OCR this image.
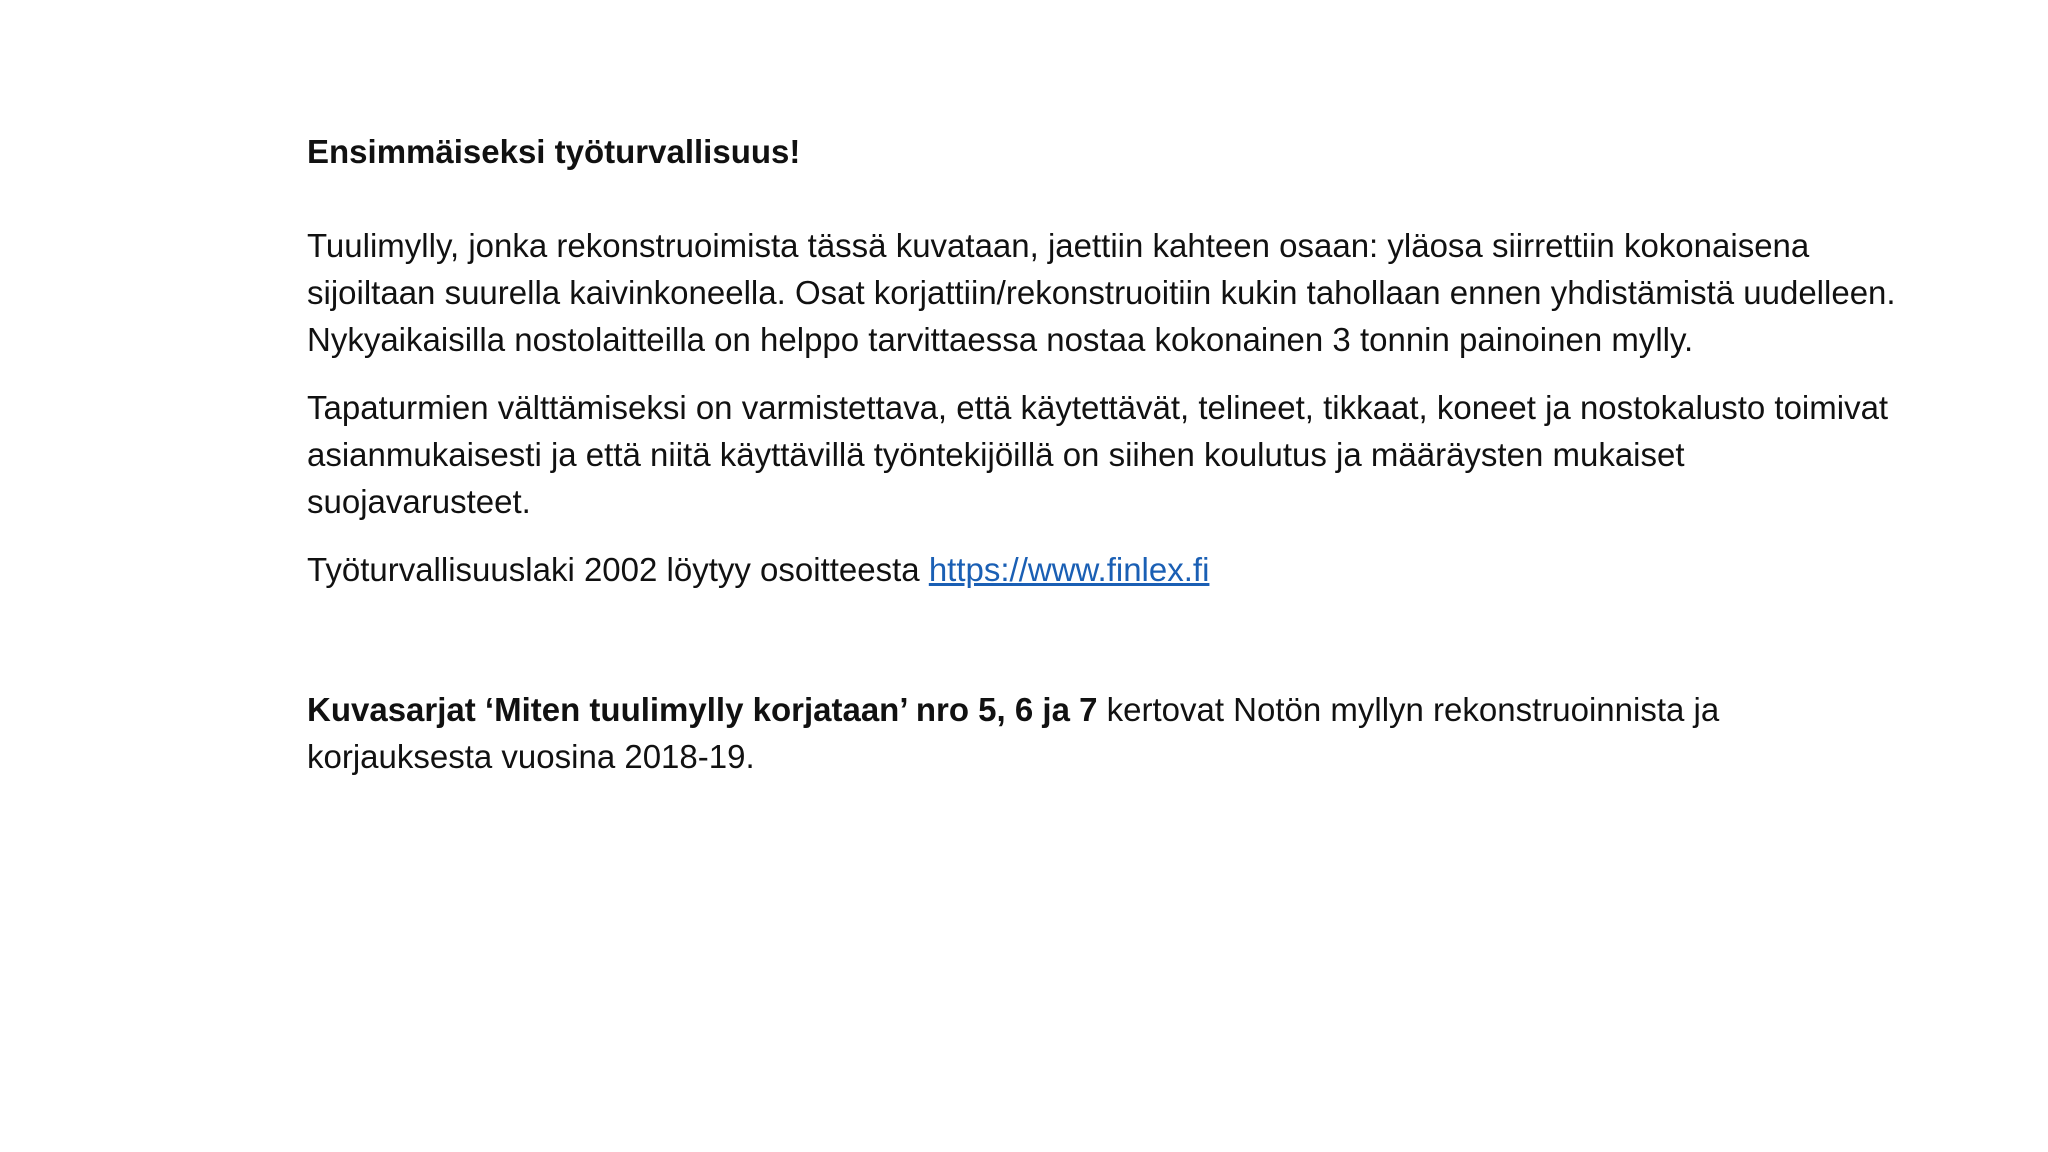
Ensimmäiseksi työturvallisuus!

Tuulimylly, jonka rekonstruoimista tässä kuvataan, jaettiin kahteen osaan: yläosa siirrettiin kokonaisena sijoiltaan suurella kaivinkoneella. Osat korjattiin/rekonstruoitiin kukin tahollaan ennen yhdistämistä uudelleen. Nykyaikaisilla nostolaitteilla on helppo tarvittaessa nostaa kokonainen 3 tonnin painoinen mylly.

Tapaturmien välttämiseksi on varmistettava, että käytettävät, telineet, tikkaat, koneet ja nostokalusto toimivat asianmukaisesti ja että niitä käyttävillä työntekijöillä on siihen koulutus ja määräysten mukaiset suojavarusteet.

Työturvallisuuslaki 2002 löytyy osoitteesta https://www.finlex.fi

Kuvasarjat ‘Miten tuulimylly korjataan’ nro 5, 6 ja 7 kertovat Notön myllyn rekonstruoinnista ja korjauksesta vuosina 2018-19.
